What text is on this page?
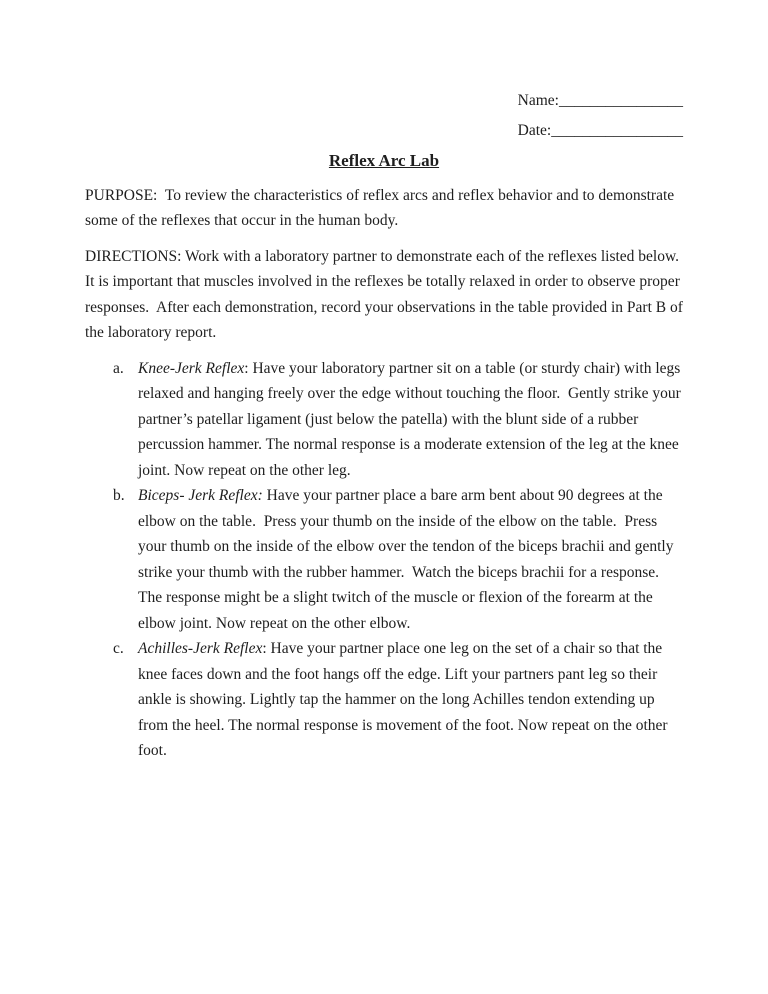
Name:________________
Date:_________________
Reflex Arc Lab
PURPOSE:  To review the characteristics of reflex arcs and reflex behavior and to demonstrate some of the reflexes that occur in the human body.
DIRECTIONS: Work with a laboratory partner to demonstrate each of the reflexes listed below.  It is important that muscles involved in the reflexes be totally relaxed in order to observe proper responses.  After each demonstration, record your observations in the table provided in Part B of the laboratory report.
a. Knee-Jerk Reflex: Have your laboratory partner sit on a table (or sturdy chair) with legs relaxed and hanging freely over the edge without touching the floor.  Gently strike your partner’s patellar ligament (just below the patella) with the blunt side of a rubber percussion hammer. The normal response is a moderate extension of the leg at the knee joint. Now repeat on the other leg.
b. Biceps- Jerk Reflex: Have your partner place a bare arm bent about 90 degrees at the elbow on the table.  Press your thumb on the inside of the elbow on the table.  Press your thumb on the inside of the elbow over the tendon of the biceps brachii and gently strike your thumb with the rubber hammer.  Watch the biceps brachii for a response.  The response might be a slight twitch of the muscle or flexion of the forearm at the elbow joint. Now repeat on the other elbow.
c. Achilles-Jerk Reflex: Have your partner place one leg on the set of a chair so that the knee faces down and the foot hangs off the edge. Lift your partners pant leg so their ankle is showing. Lightly tap the hammer on the long Achilles tendon extending up from the heel. The normal response is movement of the foot. Now repeat on the other foot.
